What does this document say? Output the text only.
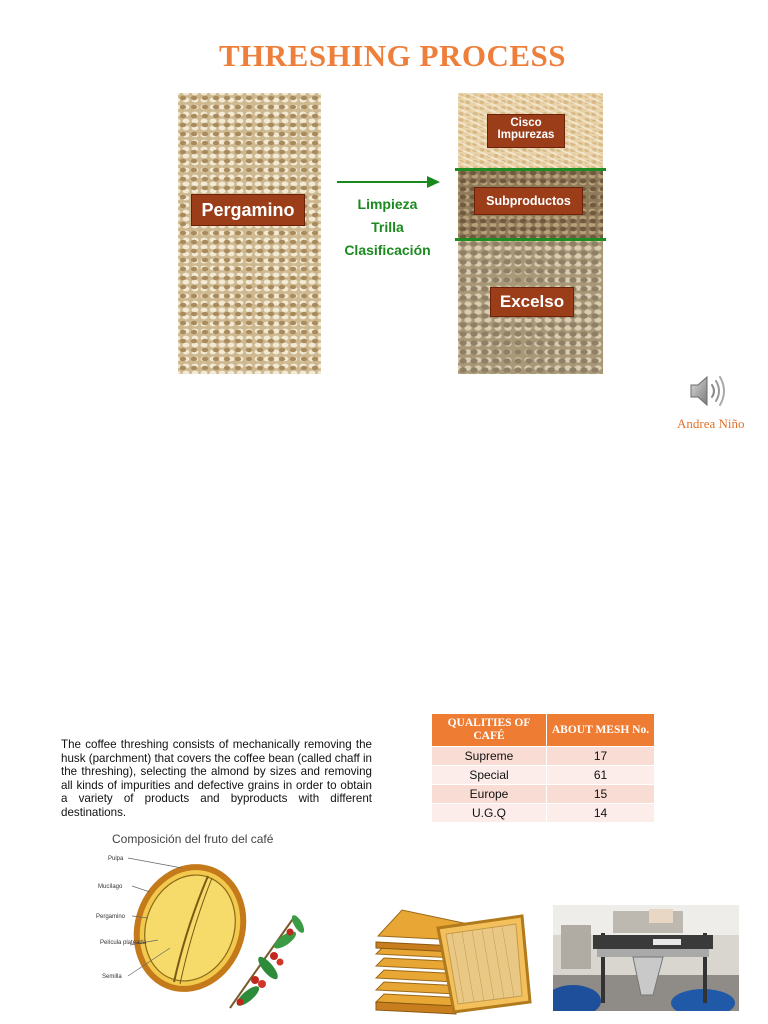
THRESHING PROCESS
Pergamino	Limpieza
Trilla
Clasificación
Cisco
Impurezas
Subproductos
Excelso
Andrea Niño
The coffee threshing consists of mechanically removing the husk (parchment) that covers the coffee bean (called chaff in the threshing), selecting the almond by sizes and removing all kinds of impurities and defective grains in order to obtain a variety of products and byproducts with different destinations.
QUALITIES OF CAFÉ	ABOUT MESH No.
Supreme	17
Special	61
Europe	15
U.G.Q	14
Composición del fruto del café
Pulpa
Mucílago
Pergamino
Película plateada
Semilla
